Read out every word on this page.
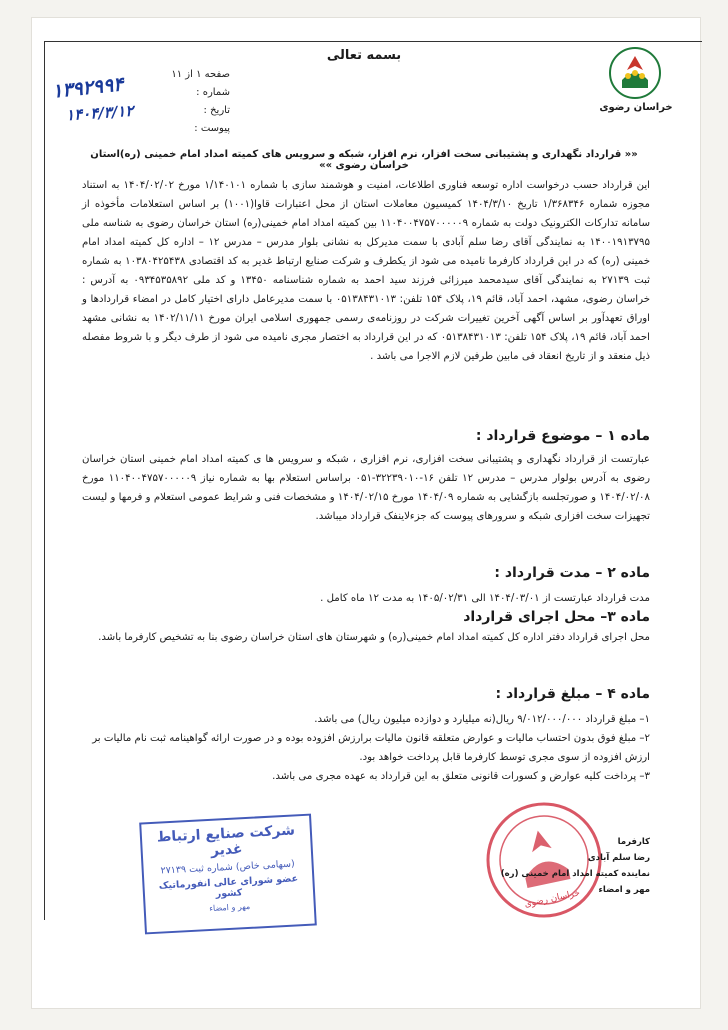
بسمه تعالی
خراسان رضوی
صفحه ۱ از ۱۱
شماره :
تاریخ :
پیوست :
۱۳۹۲۹۹۴
۱۴۰۴/۳/۱۲
«« قرارداد نگهداری و پشتیبانی سخت افزار، نرم افزار، شبکه و سرویس های کمیته امداد امام خمینی (ره)استان خراسان رضوی »»
این قرارداد حسب درخواست اداره توسعه فناوری اطلاعات، امنیت و هوشمند سازی با شماره ۱/۱۴۰۱۰۱ مورخ ۱۴۰۴/۰۲/۰۲ به استناد مجوزه شماره ۱/۳۶۸۳۴۶ تاریخ ۱۴۰۴/۳/۱۰ کمیسیون معاملات استان از محل اعتبارات قاوا(۱۰۰۱) بر اساس استعلامات مأخوذه از سامانه تدارکات الکترونیک دولت به شماره ۱۱۰۴۰۰۴۷۵۷۰۰۰۰۰۹ بین کمیته امداد امام خمینی(ره) استان خراسان رضوی به شناسه ملی ۱۴۰۰۱۹۱۳۷۹۵ به نمایندگی آقای رضا سلم آبادی با سمت مدیرکل به نشانی بلوار مدرس – مدرس ۱۲ – اداره کل کمیته امداد امام خمینی (ره) که در این قرارداد کارفرما نامیده می شود از یکطرف و شرکت صنایع ارتباط غدیر به کد اقتصادی ۱۰۳۸۰۴۲۵۴۳۸ به شماره ثبت ۲۷۱۳۹ به نمایندگی آقای سیدمحمد میرزائی فرزند سید احمد به شماره شناسنامه ۱۳۴۵۰ و کد ملی ۰۹۳۴۵۳۵۸۹۲ به آدرس : خراسان رضوی، مشهد، احمد آباد، قائم ۱۹، پلاک ۱۵۴ تلفن: ۰۵۱۳۸۴۳۱۰۱۳ با سمت مدیرعامل دارای اختیار کامل در امضاء قراردادها و اوراق تعهدآور بر اساس آگهی آخرین تغییرات شرکت در روزنامه‌ی رسمی جمهوری اسلامی ایران مورخ ۱۴۰۲/۱۱/۱۱ به نشانی مشهد احمد آباد، قائم ۱۹، پلاک ۱۵۴ تلفن: ۰۵۱۳۸۴۳۱۰۱۳ که در این قرارداد به اختصار مجری نامیده می شود از طرف دیگر و با شروط مفصله ذیل منعقد و از تاریخ انعقاد فی مابین طرفین لازم الاجرا می باشد .
ماده ۱ – موضوع قرارداد :
عبارتست از قرارداد نگهداری و پشتیبانی سخت افزاری، نرم افزاری ، شبکه و سرویس ها ی کمیته امداد امام خمینی استان خراسان رضوی به آدرس بولوار مدرس – مدرس ۱۲ تلفن ۱۶-۳۲۲۳۹۰۱۰-۰۵۱ براساس استعلام بها به شماره نیاز ۱۱۰۴۰۰۴۷۵۷۰۰۰۰۰۹ مورخ ۱۴۰۴/۰۲/۰۸ و صورتجلسه بازگشایی به شماره ۱۴۰۴/۰۹ مورخ ۱۴۰۴/۰۲/۱۵ و مشخصات فنی و شرایط عمومی استعلام و فرمها و لیست تجهیزات سخت افزاری شبکه و سرورهای پیوست که جزءلاینفک قرارداد میباشد.
ماده ۲ – مدت قرارداد :
مدت قرارداد عبارتست از ۱۴۰۴/۰۳/۰۱ الی ۱۴۰۵/۰۲/۳۱ به مدت ۱۲ ماه کامل .
ماده ۳– محل اجرای قرارداد
محل اجرای قرارداد دفتر اداره کل کمیته امداد امام خمینی(ره) و شهرستان های استان خراسان رضوی بنا به تشخیص کارفرما باشد.
ماده ۴ – مبلغ قرارداد :
۱– مبلغ قرارداد ۹/۰۱۲/۰۰۰/۰۰۰ ریال(نه میلیارد و دوازده میلیون ریال) می باشد.
۲– مبلغ فوق بدون احتساب مالیات و عوارض متعلقه قانون مالیات برارزش افزوده بوده و در صورت ارائه گواهینامه ثبت نام مالیات بر ارزش افزوده از سوی مجری توسط کارفرما قابل پرداخت خواهد بود.
۳– پرداخت کلیه عوارض و کسورات قانونی متعلق به این قرارداد به عهده مجری می باشد.
خراسان رضوی
کارفرما
رضا سلم آبادی
نماینده کمیته امداد امام خمینی (ره)
مهر و امضاء
شرکت صنایع ارتباط غدیر
(سهامی خاص) شماره ثبت ۲۷۱۳۹
عضو شورای عالی انفورماتیک کشور
مهر و امضاء
